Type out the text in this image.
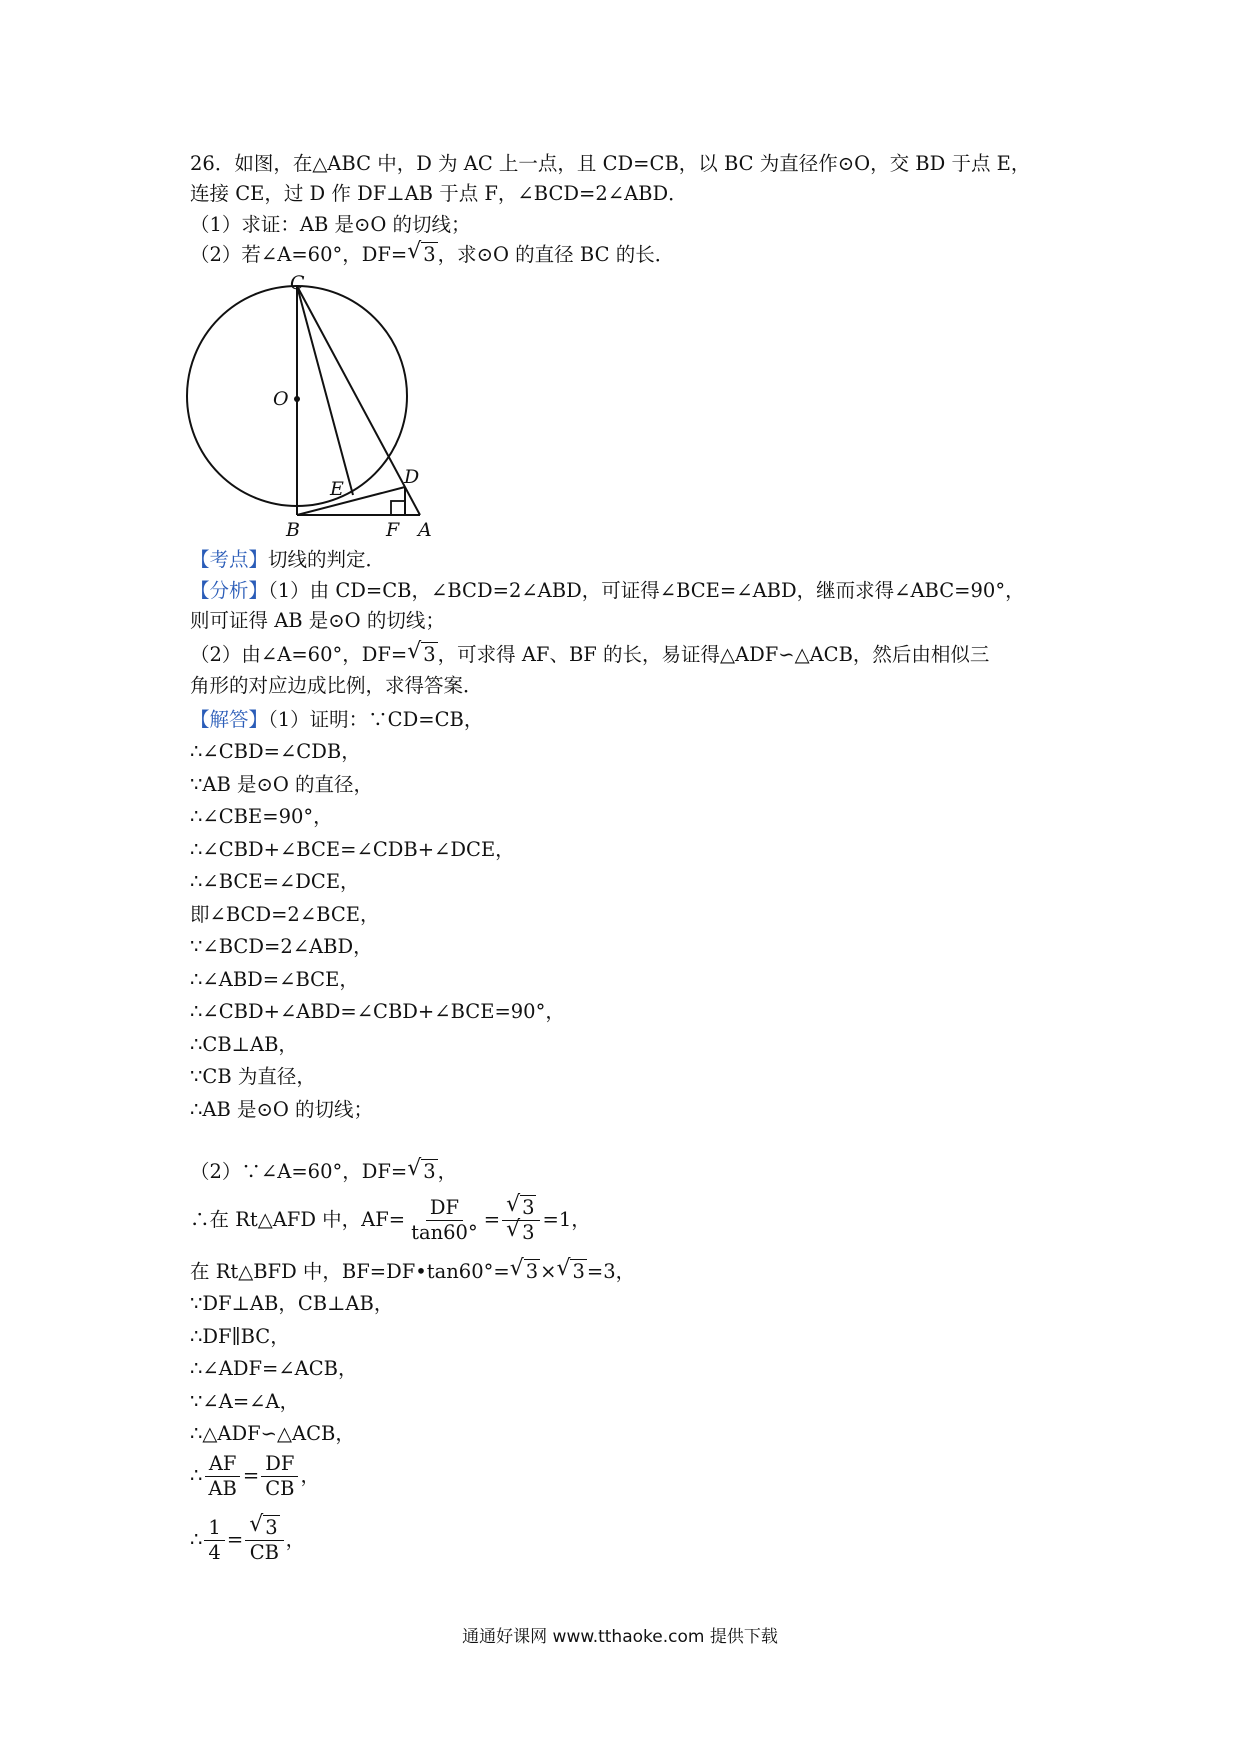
26．如图，在△ABC 中，D 为 AC 上一点，且 CD=CB，以 BC 为直径作⊙O，交 BD 于点 E，
连接 CE，过 D 作 DF⊥AB 于点 F，∠BCD=2∠ABD．
（1）求证：AB 是⊙O 的切线；
（2）若∠A=60°，DF= √ 3 ，求⊙O 的直径 BC 的长．
C
O
E
D
B	F A
【考点】切线的判定．
【分析】（1）由 CD=CB，∠BCD=2∠ABD，可证得∠BCE=∠ABD，继而求得∠ABC=90°，
则可证得 AB 是⊙O 的切线；
（2）由∠A=60°，DF= √ 3 ，可求得 AF、BF 的长，易证得△ADF∽△ACB，然后由相似三
角形的对应边成比例，求得答案．
【解答】（1）证明：∵CD=CB，
∴∠CBD=∠CDB，
∵AB 是⊙O 的直径，
∴∠CBE=90°，
∴∠CBD+∠BCE=∠CDB+∠DCE，
∴∠BCE=∠DCE，
即∠BCD=2∠BCE，
∵∠BCD=2∠ABD，
∴∠ABD=∠BCE，
∴∠CBD+∠ABD=∠CBD+∠BCE=90°，
∴CB⊥AB，
∵CB 为直径，
∴AB 是⊙O 的切线；
（2）∵∠A=60°，DF= √ 3 ，
∴在 Rt△AFD 中，$AF= \frac{DF}{\tan 60^\circ}$ = √ 3
√ 3 =1，
在 Rt△BFD 中，BF=DF•tan60°= √ 3 × √ 3 =3，
∵DF⊥AB，CB⊥AB，
∴DF∥BC，
∴∠ADF=∠ACB，
∵∠A=∠A，
∴△ADF∽△ACB，
∴ $\frac{AF}{AB} = \frac{DF}{CB}$ ，
∴ $\frac{1}{4}$ = √ $\frac{3}{CB}$ ，
通通好课网 www.tthaoke.com 提供下载
